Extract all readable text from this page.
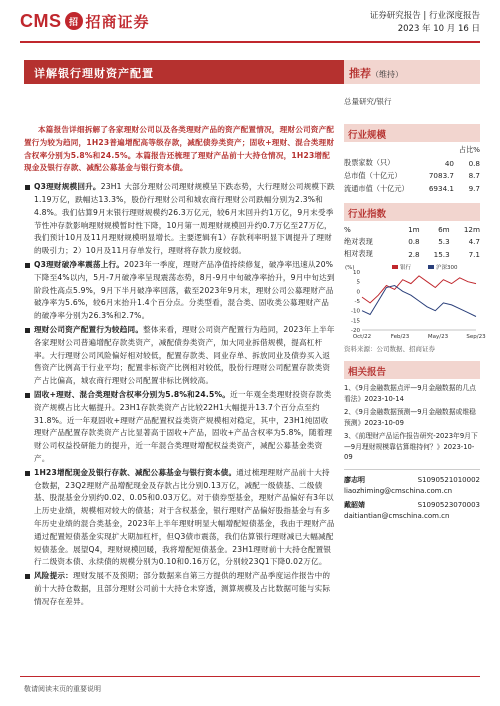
CMS 招 招商证券	证券研究报告 | 行业深度报告
2023 年 10 月 16 日
详解银行理财资产配置	推荐（维持）
总量研究/银行

本篇报告详细拆解了各家理财公司以及各类理财产品的资产配置情况，理财公司资产配置行为较为趋同，1H23普遍增配高等级存款，减配债券类资产；固收+理财、混合类理财含权率分别为5.8%和24.5%。本篇报告还梳理了理财产品前十大持仓情况，1H23增配现金及银行存款、减配公募基金与银行资本债。

Q3理财规模回升。23H1 大部分理财公司理财规模呈下跌态势，大行理财公司规模下跌1.19万亿，跌幅达13.3%，股份行理财公司和城农商行理财公司跌幅分别为2.3%和4.8%。我们估算9月末银行理财规模约26.3万亿元，较6月末回升约1万亿，9月末受季节性冲存款影响理财规模暂时性下降，10月第一周理财规模回升约0.7万亿至27万亿，我们预计10月及11月理财规模明显增长。主要逻辑有1）存款利率明显下调提升了理财的吸引力；2）10月及11月存单发行，理财将存款力度较弱。

Q3理财破净率震荡上行。2023年一季度，理财产品净值持续修复，破净率迅速从20%下降至4%以内，5月-7月破净率呈现震荡态势，8月-9月中旬破净率抬升，9月中旬达到阶段性高点5.9%，9月下半月破净率回落，截至2023年9月末，理财公司公募理财产品破净率为5.6%，较6月末抬升1.4个百分点。分类型看，混合类、固收类公募理财产品的破净率分别为26.3%和2.7%。

理财公司资产配置行为较趋同。整体来看，理财公司资产配置行为趋同，2023年上半年各家理财公司普遍增配存款类资产，减配债券类资产，加大同业拆借规模，提高杠杆率。大行理财公司风险偏好相对较低，配置存款类、同业存单、拆放同业及债券买入返售资产比例高于行业平均；配置非标资产比例相对较低，股份行理财公司配置存款类资产占比偏高，城农商行理财公司配置非标比例较高。

固收+理财、混合类理财含权率分别为5.8%和24.5%。近一年观全类理财投资存款类资产规模占比大幅提升。23H1存款类资产占比较22H1大幅提升13.7个百分点至约31.8%。近一年观固收+理财产品配置权益类资产规模相对稳定，其中，23H1纯固收理财产品配置存款类资产占比显著高于固收+产品，固收+产品含权率为5.8%，随着理财公司权益投研能力的提升，近一年混合类理财增配权益类资产，减配公募基金类资产。

1H23增配现金及银行存款、减配公募基金与银行资本债。通过梳理理财产品前十大持仓数据，23Q2理财产品增配现金及存款占比分别0.13万亿，减配一级债基、二级债基、股混基金分别约0.02、0.05和0.03万亿。对于债券型基金，理财产品偏好有3年以上历史业绩，规模相对较大的债基；对于含权基金，银行理财产品偏好股指基金与有多年历史业绩的混合类基金，2023年上半年理财明显大幅增配短债基金，我由于理财产品通过配置短债基金实现扩大期加杠杆，但Q3债市震荡，我们估算银行理财减已大幅减配短债基金。展望Q4，理财规模回暖，我将增配短债基金。23H1理财前十大持仓配置银行二级资本债、永续债的规模分别为0.10和0.16万亿，分别较23Q1下降0.02万亿。

风险提示：理财发展不及预期；部分数据来自第三方提供的理财产品季度运作报告中的前十大持仓数据，且部分理财公司前十大持仓未穿透，测算规模及占比数据可能与实际情况存在差异。

行业规模
		占比%
股票家数（只）	40	0.8
总市值（十亿元）	7083.7	8.7
流通市值（十亿元）	6934.1	9.7
行业指数
%	1m	6m	12m
绝对表现	0.8	5.3	4.7
相对表现	2.8	15.3	7.1
(%)
10
5
0
-5
-10
-15
-20
Oct/22	Feb/23	May/23	Sep/23
银行	沪深300
资料来源：公司数据、招商证券
相关报告
1、《9月金融数据点评—9月金融数据的几点看法》2023-10-14
2、《9月金融数据预测—9月金融数据或维稳预测》2023-10-09
3、《前理财产品运作报告研究-2023年9月下—9月理财规模靠估算维持何？》2023-10-09
廖志明	S1090521010002
liaozhiming@cmschina.com.cn
戴韶婧	S1090523070003
daitiantian@cmschina.com.cn
敬请阅读末页的重要说明
